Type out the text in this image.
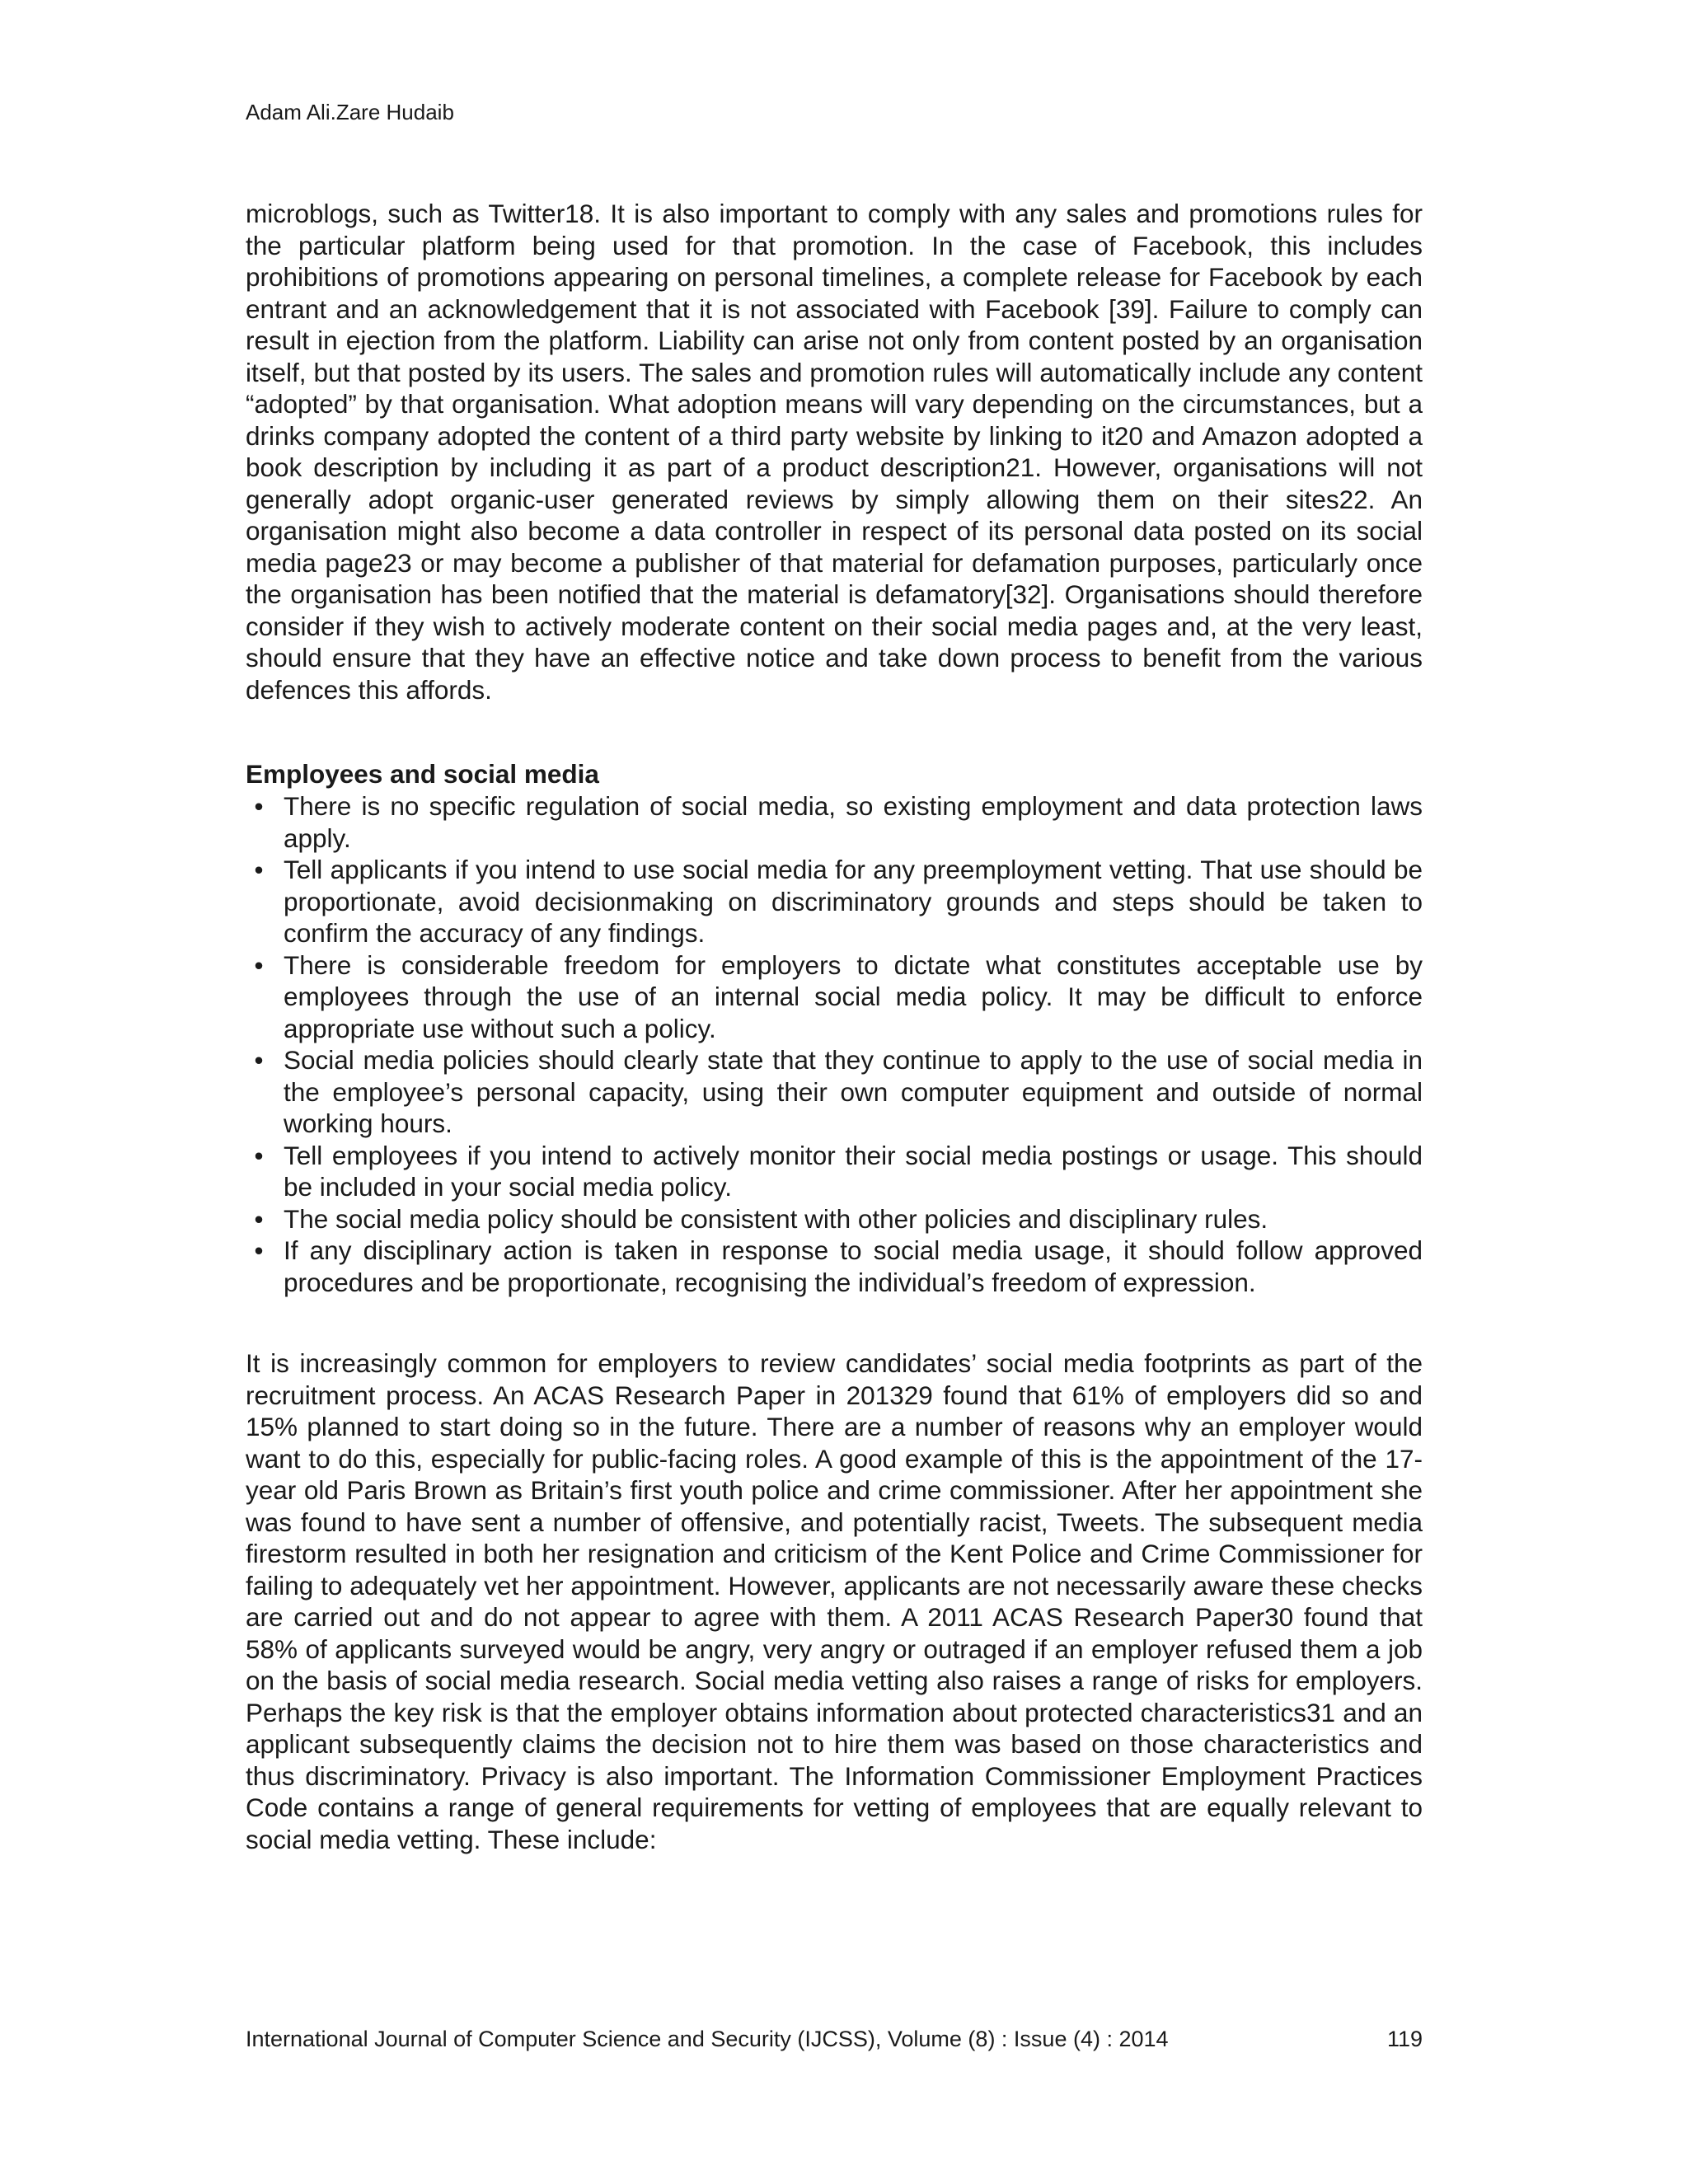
Adam Ali.Zare Hudaib

microblogs, such as Twitter18. It is also important to comply with any sales and promotions rules for the particular platform being used for that promotion. In the case of Facebook, this includes prohibitions of promotions appearing on personal timelines, a complete release for Facebook by each entrant and an acknowledgement that it is not associated with Facebook [39]. Failure to comply can result in ejection from the platform. Liability can arise not only from content posted by an organisation itself, but that posted by its users. The sales and promotion rules will automatically include any content “adopted” by that organisation. What adoption means will vary depending on the circumstances, but a drinks company adopted the content of a third party website by linking to it20 and Amazon adopted a book description by including it as part of a product description21. However, organisations will not generally adopt organic-user generated reviews by simply allowing them on their sites22. An organisation might also become a data controller in respect of its personal data posted on its social media page23 or may become a publisher of that material for defamation purposes, particularly once the organisation has been notified that the material is defamatory[32]. Organisations should therefore consider if they wish to actively moderate content on their social media pages and, at the very least, should ensure that they have an effective notice and take down process to benefit from the various defences this affords.

Employees and social media
• There is no specific regulation of social media, so existing employment and data protection laws apply.
• Tell applicants if you intend to use social media for any preemployment vetting. That use should be proportionate, avoid decisionmaking on discriminatory grounds and steps should be taken to confirm the accuracy of any findings.
• There is considerable freedom for employers to dictate what constitutes acceptable use by employees through the use of an internal social media policy. It may be difficult to enforce appropriate use without such a policy.
• Social media policies should clearly state that they continue to apply to the use of social media in the employee’s personal capacity, using their own computer equipment and outside of normal working hours.
• Tell employees if you intend to actively monitor their social media postings or usage. This should be included in your social media policy.
• The social media policy should be consistent with other policies and disciplinary rules.
• If any disciplinary action is taken in response to social media usage, it should follow approved procedures and be proportionate, recognising the individual’s freedom of expression.

It is increasingly common for employers to review candidates’ social media footprints as part of the recruitment process. An ACAS Research Paper in 201329 found that 61% of employers did so and 15% planned to start doing so in the future. There are a number of reasons why an employer would want to do this, especially for public-facing roles. A good example of this is the appointment of the 17-year old Paris Brown as Britain’s first youth police and crime commissioner. After her appointment she was found to have sent a number of offensive, and potentially racist, Tweets. The subsequent media firestorm resulted in both her resignation and criticism of the Kent Police and Crime Commissioner for failing to adequately vet her appointment. However, applicants are not necessarily aware these checks are carried out and do not appear to agree with them. A 2011 ACAS Research Paper30 found that 58% of applicants surveyed would be angry, very angry or outraged if an employer refused them a job on the basis of social media research. Social media vetting also raises a range of risks for employers. Perhaps the key risk is that the employer obtains information about protected characteristics31 and an applicant subsequently claims the decision not to hire them was based on those characteristics and thus discriminatory. Privacy is also important. The Information Commissioner Employment Practices Code contains a range of general requirements for vetting of employees that are equally relevant to social media vetting. These include:

International Journal of Computer Science and Security (IJCSS), Volume (8) : Issue (4) : 2014	119
